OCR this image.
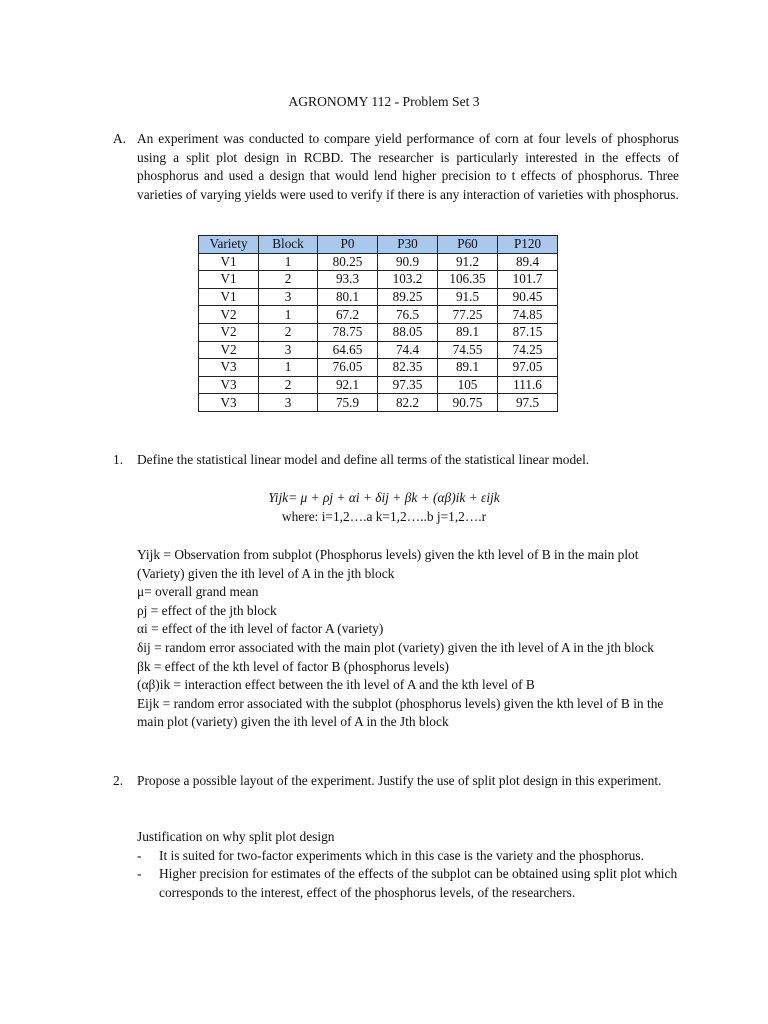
AGRONOMY 112 - Problem Set 3
A. An experiment was conducted to compare yield performance of corn at four levels of phosphorus using a split plot design in RCBD. The researcher is particularly interested in the effects of phosphorus and used a design that would lend higher precision to t effects of phosphorus. Three varieties of varying yields were used to verify if there is any interaction of varieties with phosphorus.
Variety	Block	P0	P30	P60	P120
V1	1	80.25	90.9	91.2	89.4
V1	2	93.3	103.2	106.35	101.7
V1	3	80.1	89.25	91.5	90.45
V2	1	67.2	76.5	77.25	74.85
V2	2	78.75	88.05	89.1	87.15
V2	3	64.65	74.4	74.55	74.25
V3	1	76.05	82.35	89.1	97.05
V3	2	92.1	97.35	105	111.6
V3	3	75.9	82.2	90.75	97.5
1. Define the statistical linear model and define all terms of the statistical linear model.
Yijk= μ + ρj + αi + δij + βk + (αβ)ik + εijk
where: i=1,2….a k=1,2…..b j=1,2….r

Yijk = Observation from subplot (Phosphorus levels) given the kth level of B in the main plot (Variety) given the ith level of A in the jth block

μ= overall grand mean

ρj = effect of the jth block

αi = effect of the ith level of factor A (variety)

δij = random error associated with the main plot (variety) given the ith level of A in the jth block

βk = effect of the kth level of factor B (phosphorus levels)

(αβ)ik = interaction effect between the ith level of A and the kth level of B

Eijk = random error associated with the subplot (phosphorus levels) given the kth level of B in the main plot (variety) given the ith level of A in the Jth block

2. Propose a possible layout of the experiment. Justify the use of split plot design in this experiment.

Justification on why split plot design

- It is suited for two-factor experiments which in this case is the variety and the phosphorus.
- Higher precision for estimates of the effects of the subplot can be obtained using split plot which corresponds to the interest, effect of the phosphorus levels, of the researchers.
